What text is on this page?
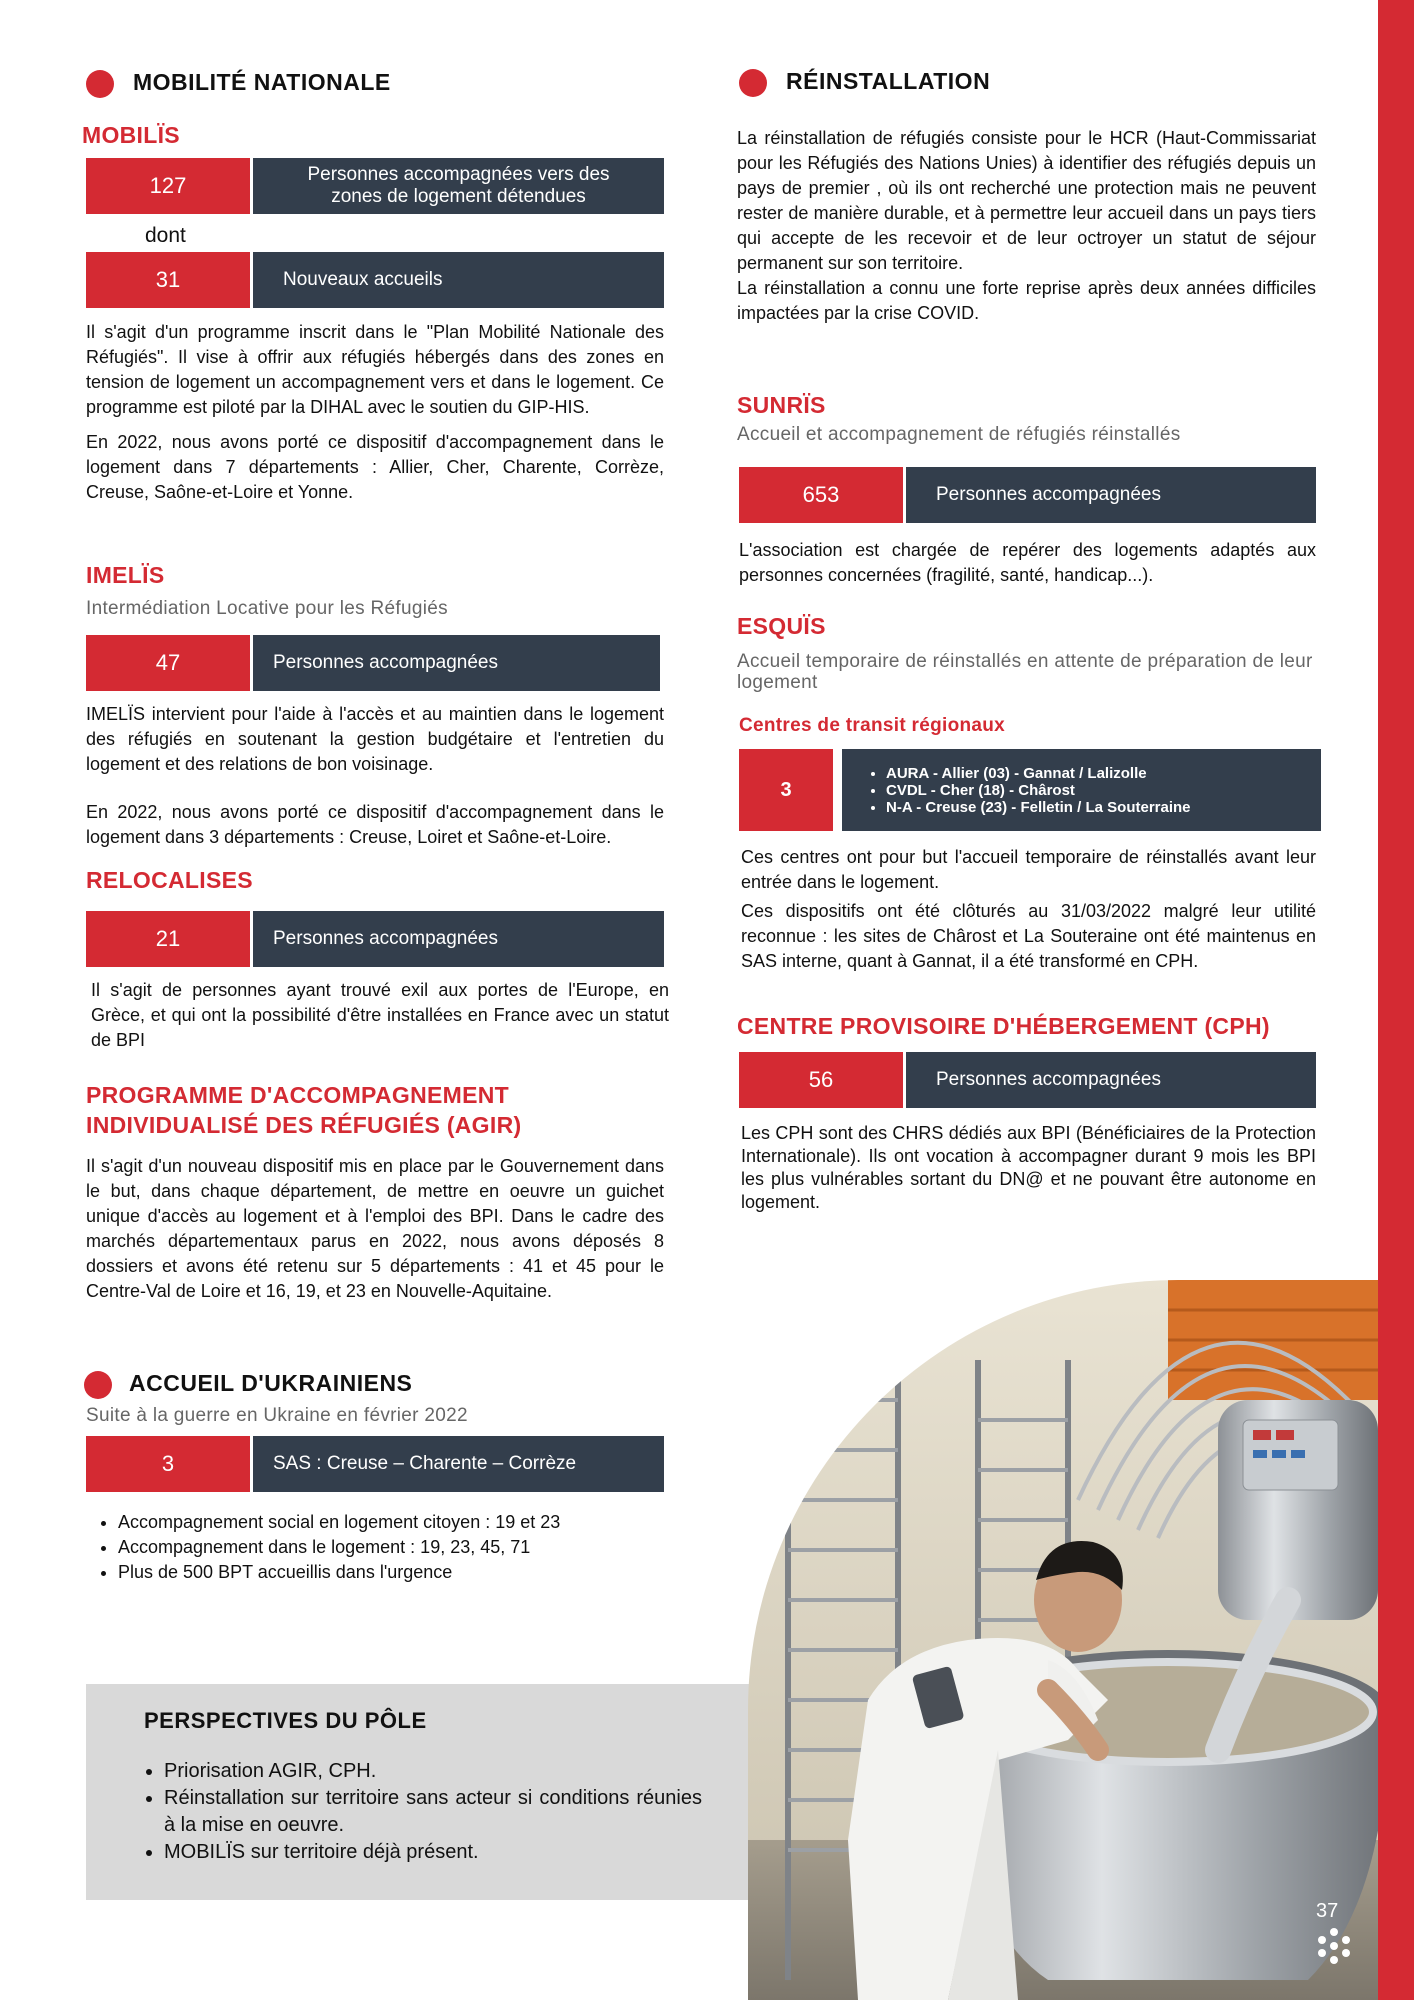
MOBILITÉ NATIONALE
MOBILÏS
127	Personnes accompagnées vers des zones de logement détendues
dont
31	Nouveaux accueils

Il s'agit d'un programme inscrit dans le "Plan Mobilité Nationale des Réfugiés". Il vise à offrir aux réfugiés hébergés dans des zones en tension de logement un accompagnement vers et dans le logement. Ce programme est piloté par la DIHAL avec le soutien du GIP-HIS.

En 2022, nous avons porté ce dispositif d'accompagnement dans le logement dans 7 départements : Allier, Cher, Charente, Corrèze, Creuse, Saône-et-Loire et Yonne.

IMELÏS
Intermédiation Locative pour les Réfugiés
47	Personnes accompagnées

IMELÏS intervient pour l'aide à l'accès et au maintien dans le logement des réfugiés en soutenant la gestion budgétaire et l'entretien du logement et des relations de bon voisinage.

En 2022, nous avons porté ce dispositif d'accompagnement dans le logement dans 3 départements : Creuse, Loiret et Saône-et-Loire.

RELOCALISES
21	Personnes accompagnées

Il s'agit de personnes ayant trouvé exil aux portes de l'Europe, en Grèce, et qui ont la possibilité d'être installées en France avec un statut de BPI

PROGRAMME D'ACCOMPAGNEMENT
INDIVIDUALISÉ DES RÉFUGIÉS (AGIR)

Il s'agit d'un nouveau dispositif mis en place par le Gouvernement dans le but, dans chaque département, de mettre en oeuvre un guichet unique d'accès au logement et à l'emploi des BPI. Dans le cadre des marchés départementaux parus en 2022, nous avons déposés 8 dossiers et avons été retenu sur 5 départements : 41 et 45 pour le Centre-Val de Loire et 16, 19, et 23 en Nouvelle-Aquitaine.

ACCUEIL D'UKRAINIENS
Suite à la guerre en Ukraine en février 2022
3	SAS : Creuse – Charente – Corrèze
• Accompagnement social en logement citoyen : 19 et 23
• Accompagnement dans le logement : 19, 23, 45, 71
• Plus de 500 BPT accueillis dans l'urgence
PERSPECTIVES DU PÔLE
• Priorisation AGIR, CPH.
• Réinstallation sur territoire sans acteur si conditions réunies à la mise en oeuvre.
• MOBILÏS sur territoire déjà présent.
RÉINSTALLATION

La réinstallation de réfugiés consiste pour le HCR (Haut-Commissariat pour les Réfugiés des Nations Unies) à identifier des réfugiés depuis un pays de premier , où ils ont recherché une protection mais ne peuvent rester de manière durable, et à permettre leur accueil dans un pays tiers qui accepte de les recevoir et de leur octroyer un statut de séjour permanent sur son territoire.

La réinstallation a connu une forte reprise après deux années difficiles impactées par la crise COVID.

SUNRÏS
Accueil et accompagnement de réfugiés réinstallés
653	Personnes accompagnées

L'association est chargée de repérer des logements adaptés aux personnes concernées (fragilité, santé, handicap...).

ESQUÏS
Accueil temporaire de réinstallés en attente de préparation de leur logement
Centres de transit régionaux
3
• AURA - Allier (03) - Gannat / Lalizolle
• CVDL - Cher (18) - Chârost
• N-A - Creuse (23) - Felletin / La Souterraine

Ces centres ont pour but l'accueil temporaire de réinstallés avant leur entrée dans le logement.

Ces dispositifs ont été clôturés au 31/03/2022 malgré leur utilité reconnue : les sites de Chârost et La Souteraine ont été maintenus en SAS interne, quant à Gannat, il a été transformé en CPH.

CENTRE PROVISOIRE D'HÉBERGEMENT (CPH)
56	Personnes accompagnées

Les CPH sont des CHRS dédiés aux BPI (Bénéficiaires de la Protection Internationale). Ils ont vocation à accompagner durant 9 mois les BPI les plus vulnérables sortant du DN@ et ne pouvant être autonome en logement.

37
